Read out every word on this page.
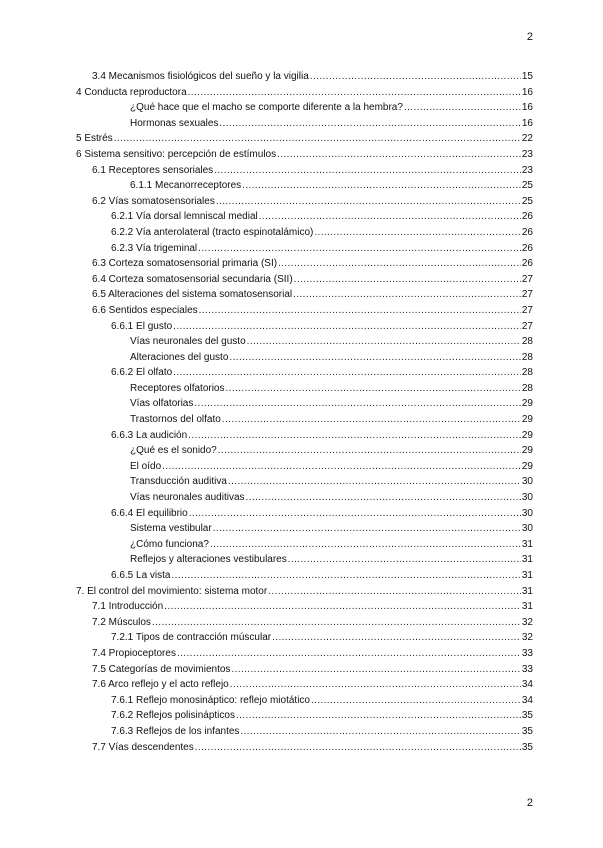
2
3.4 Mecanismos fisiológicos del sueño y la vigilia .....	15
4 Conducta reproductora .....	16
¿Qué hace que el macho se comporte diferente a la hembra? .....	16
Hormonas sexuales .....	16
5 Estrés .....	22
6 Sistema sensitivo: percepción de estímulos .....	23
6.1 Receptores sensoriales .....	23
6.1.1 Mecanorreceptores .....	25
6.2 Vías somatosensoriales .....	25
6.2.1 Vía dorsal lemniscal medial .....	26
6.2.2 Vía anterolateral (tracto espinotalámico) .....	26
6.2.3 Vía trigeminal .....	26
6.3 Corteza somatosensorial primaria (SI) .....	26
6.4 Corteza somatosensorial secundaria (SII) .....	27
6.5 Alteraciones del sistema somatosensorial .....	27
6.6 Sentidos especiales .....	27
6.6.1 El gusto .....	27
Vías neuronales del gusto .....	28
Alteraciones del gusto .....	28
6.6.2 El olfato .....	28
Receptores olfatorios .....	28
Vías olfatorias .....	29
Trastornos del olfato .....	29
6.6.3 La audición .....	29
¿Qué es el sonido? .....	29
El oído .....	29
Transducción auditiva .....	30
Vías neuronales auditivas .....	30
6.6.4 El equilibrio .....	30
Sistema vestibular .....	30
¿Cómo funciona? .....	31
Reflejos y alteraciones vestibulares .....	31
6.6.5 La vista .....	31
7. El control del movimiento: sistema motor .....	31
7.1 Introducción .....	31
7.2 Músculos .....	32
7.2.1 Tipos de contracción múscular .....	32
7.4 Propioceptores .....	33
7.5 Categorías de movimientos .....	33
7.6 Arco reflejo y el acto reflejo .....	34
7.6.1 Reflejo monosináptico: reflejo miotático .....	34
7.6.2 Reflejos polisinápticos .....	35
7.6.3 Reflejos de los infantes .....	35
7.7 Vías descendentes .....	35
2
